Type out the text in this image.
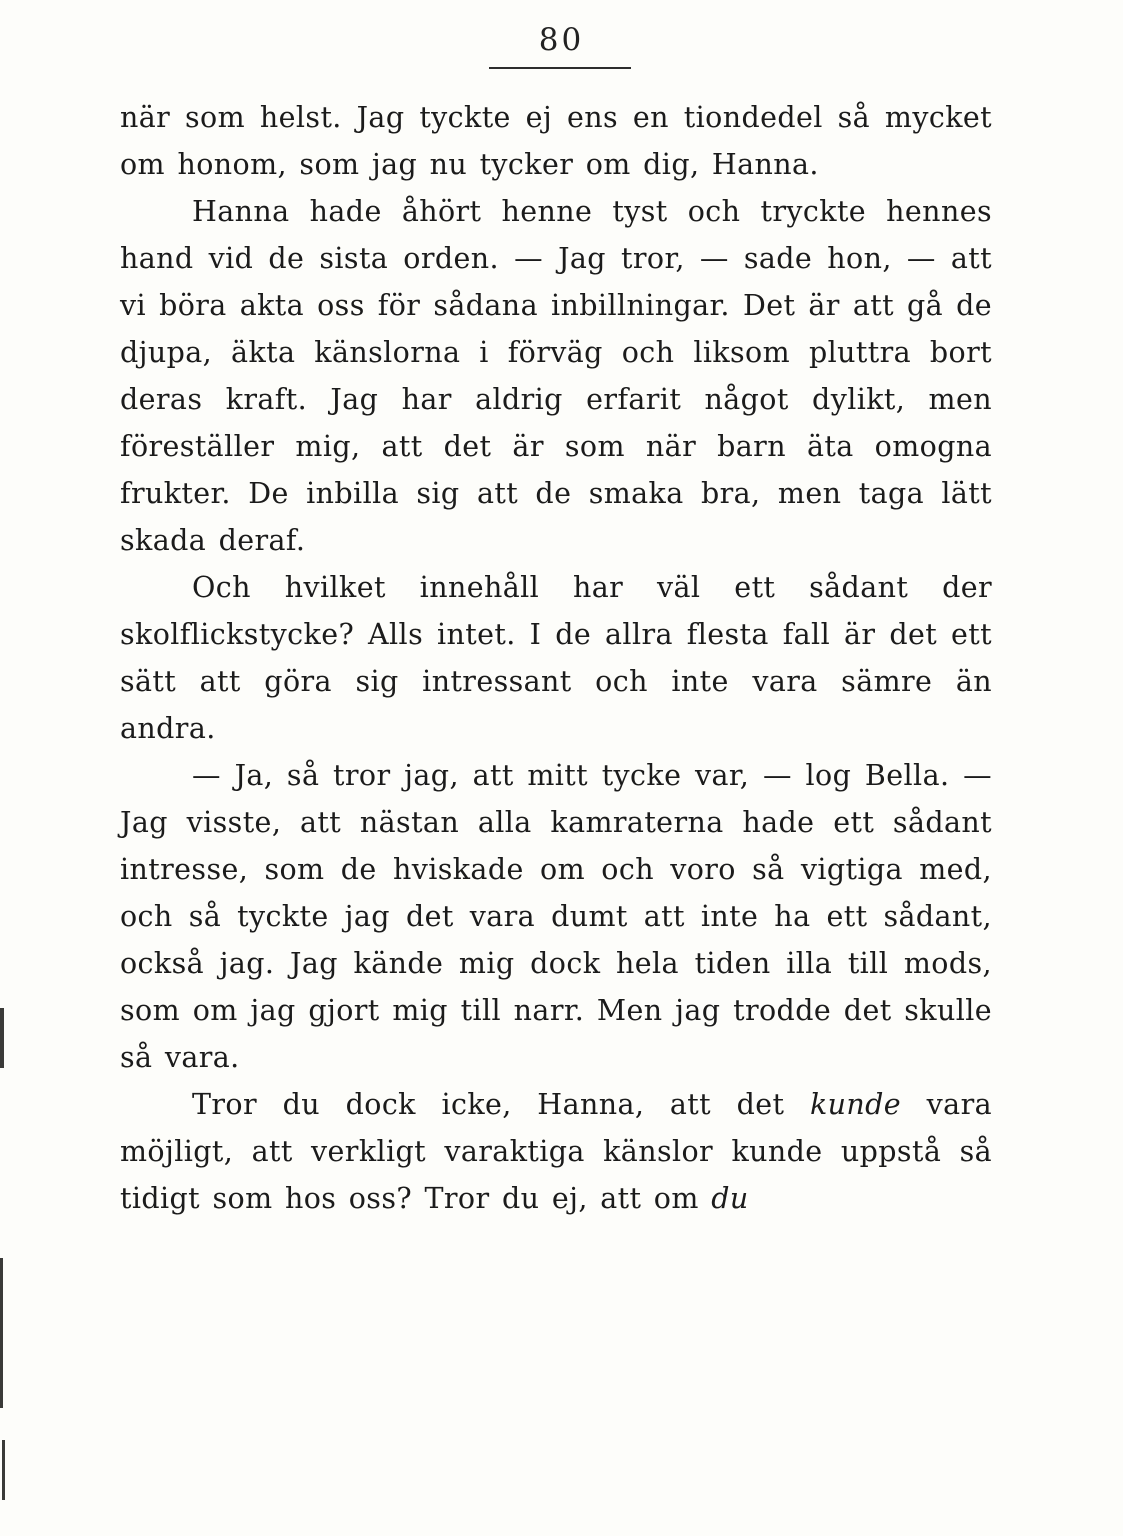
80

när som helst. Jag tyckte ej ens en tiondedel så mycket om honom, som jag nu tycker om dig, Hanna.

Hanna hade åhört henne tyst och tryckte hennes hand vid de sista orden. — Jag tror, — sade hon, — att vi böra akta oss för sådana inbillningar. Det är att gå de djupa, äkta känslorna i förväg och liksom pluttra bort deras kraft. Jag har aldrig erfarit något dylikt, men föreställer mig, att det är som när barn äta omogna frukter. De inbilla sig att de smaka bra, men taga lätt skada deraf.

Och hvilket innehåll har väl ett sådant der skolflickstycke? Alls intet. I de allra flesta fall är det ett sätt att göra sig intressant och inte vara sämre än andra.

— Ja, så tror jag, att mitt tycke var, — log Bella. — Jag visste, att nästan alla kamraterna hade ett sådant intresse, som de hviskade om och voro så vigtiga med, och så tyckte jag det vara dumt att inte ha ett sådant, också jag. Jag kände mig dock hela tiden illa till mods, som om jag gjort mig till narr. Men jag trodde det skulle så vara.

Tror du dock icke, Hanna, att det kunde vara möjligt, att verkligt varaktiga känslor kunde uppstå så tidigt som hos oss? Tror du ej, att om du
